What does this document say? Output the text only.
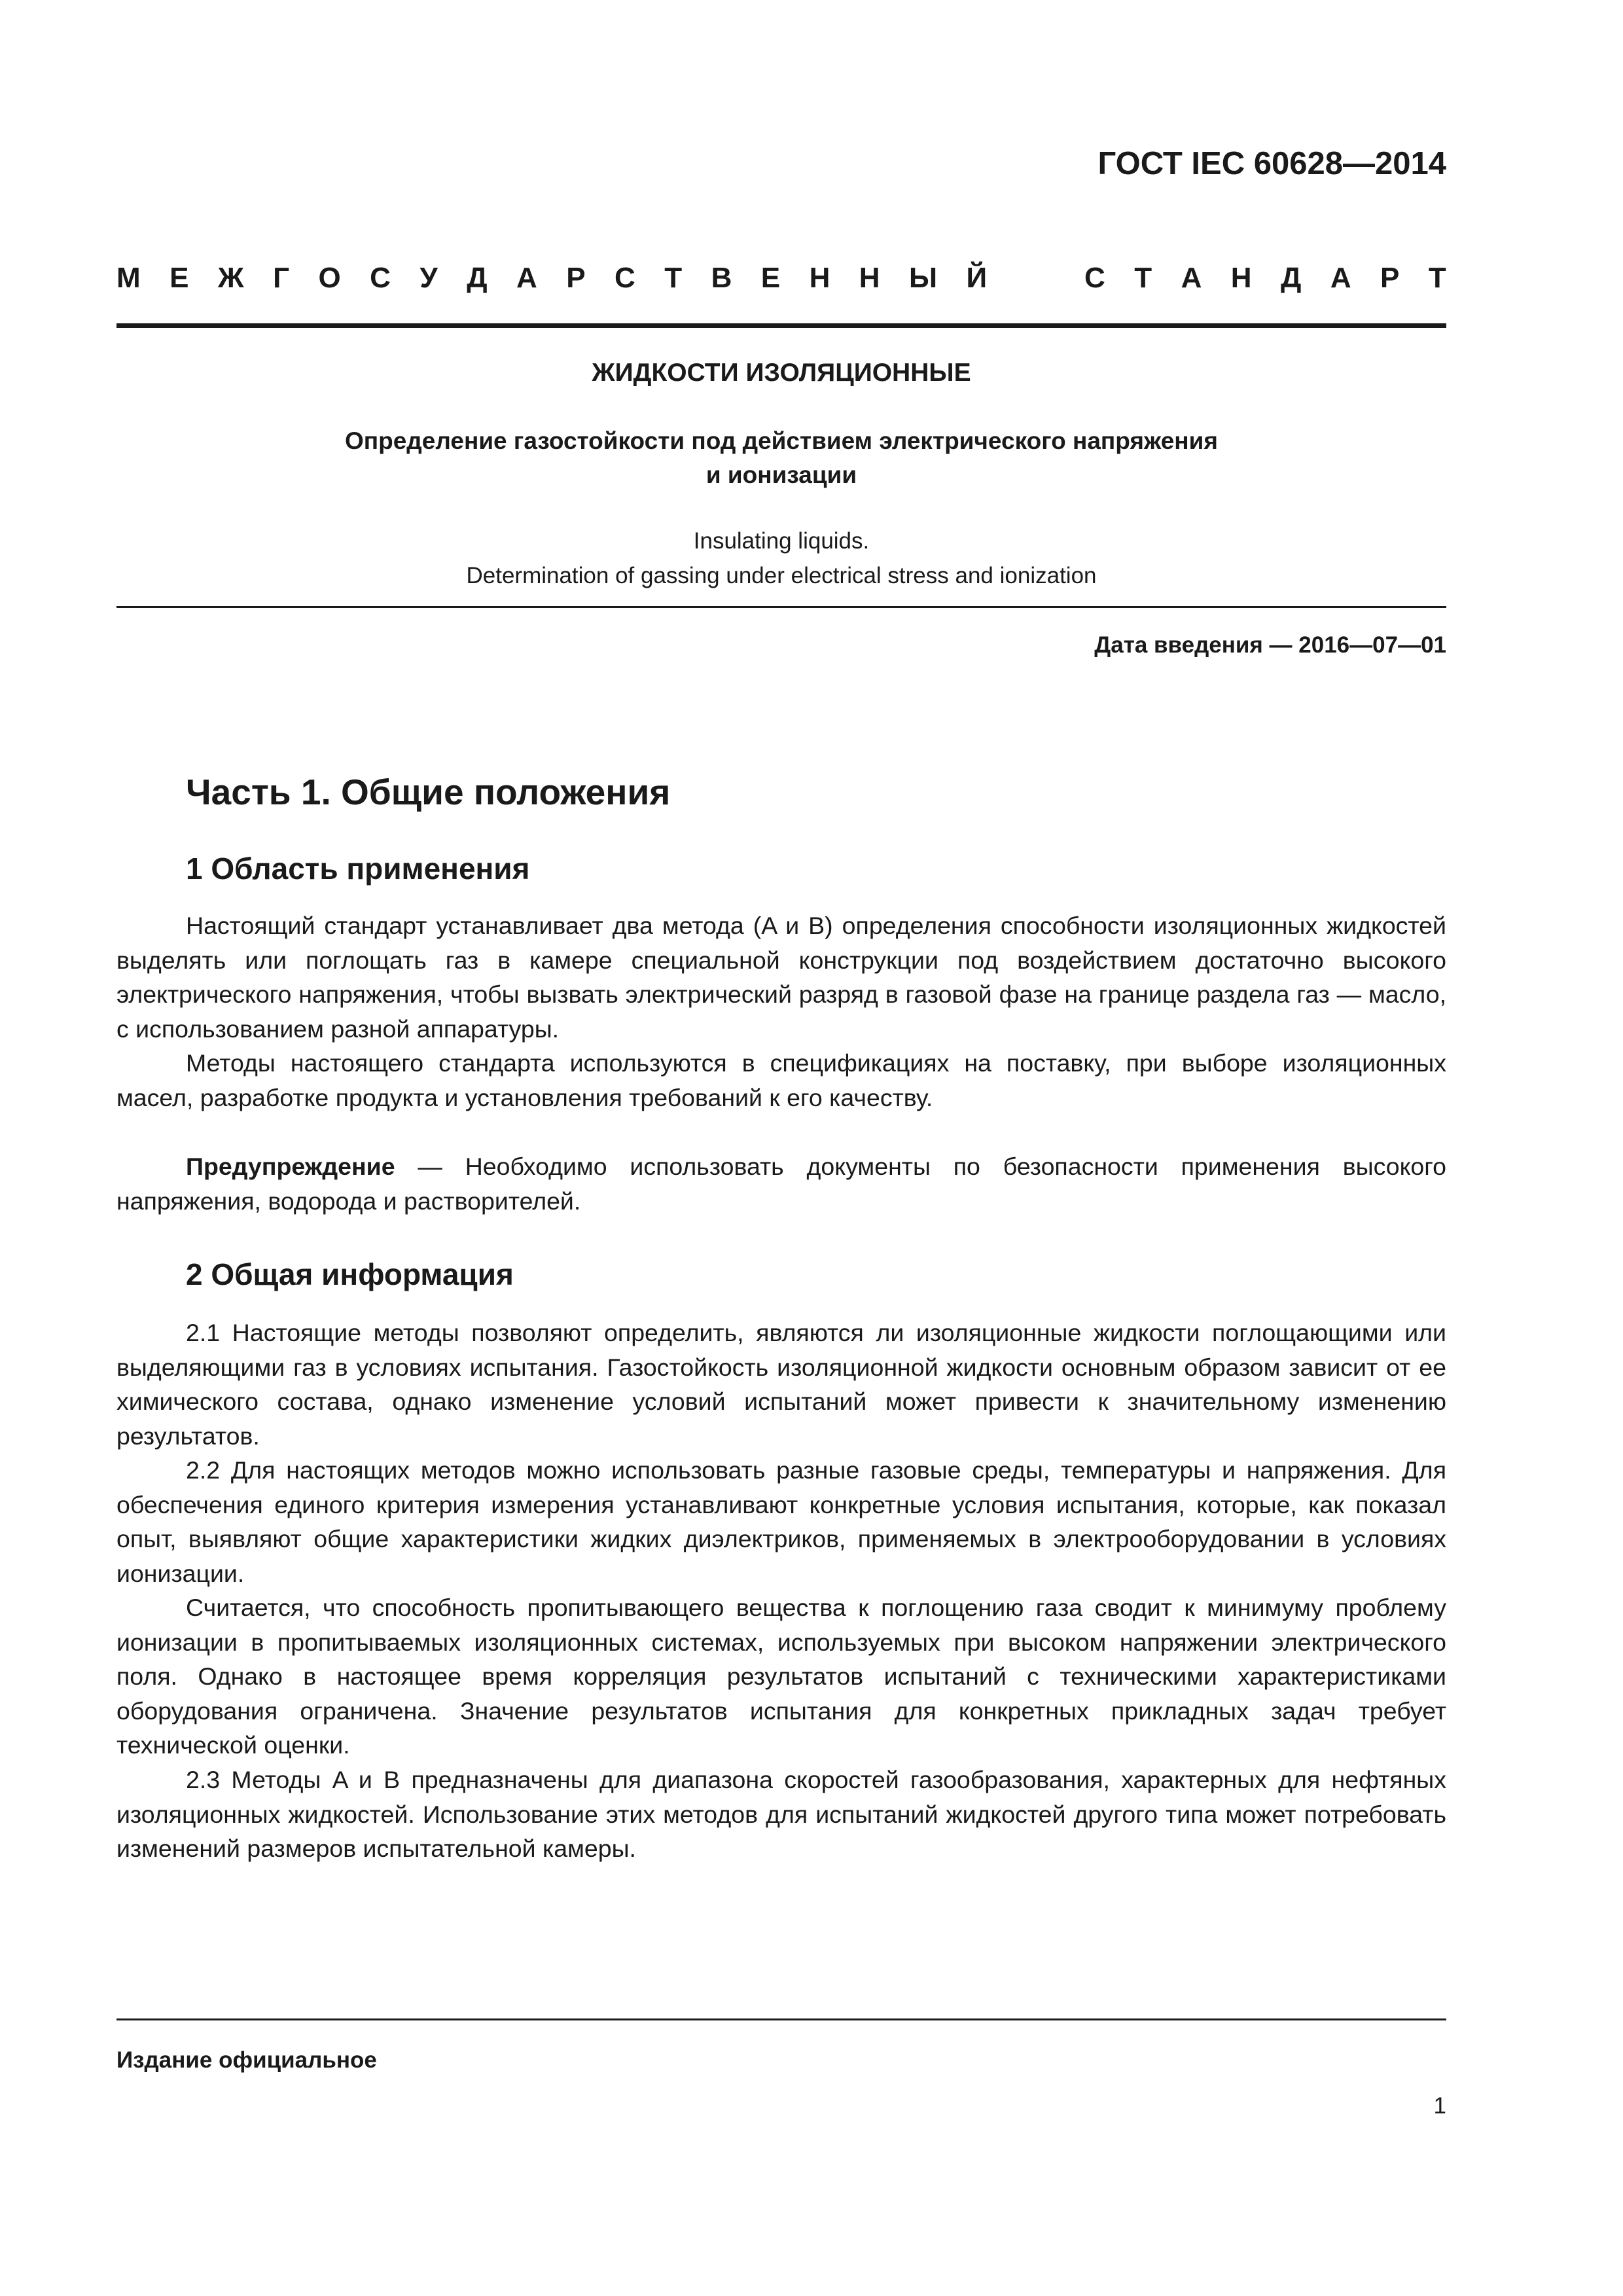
ГОСТ IEC 60628—2014
М Е Ж Г О С У Д А Р С Т В Е Н Н Ы Й	С Т А Н Д А Р Т
ЖИДКОСТИ ИЗОЛЯЦИОННЫЕ
Определение газостойкости под действием электрического напряжения
и ионизации
Insulating liquids.
Determination of gassing under electrical stress and ionization
Дата введения — 2016—07—01
Часть 1. Общие положения
1 Область применения

Настоящий стандарт устанавливает два метода (A и B) определения способности изоляционных жидкостей выделять или поглощать газ в камере специальной конструкции под воздействием достаточно высокого электрического напряжения, чтобы вызвать электрический разряд в газовой фазе на границе раздела газ — масло, с использованием разной аппаратуры.

Методы настоящего стандарта используются в спецификациях на поставку, при выборе изоляционных масел, разработке продукта и установления требований к его качеству.

Предупреждение — Необходимо использовать документы по безопасности применения высокого напряжения, водорода и растворителей.

2 Общая информация

2.1 Настоящие методы позволяют определить, являются ли изоляционные жидкости поглощающими или выделяющими газ в условиях испытания. Газостойкость изоляционной жидкости основным образом зависит от ее химического состава, однако изменение условий испытаний может привести к значительному изменению результатов.

2.2 Для настоящих методов можно использовать разные газовые среды, температуры и напряжения. Для обеспечения единого критерия измерения устанавливают конкретные условия испытания, которые, как показал опыт, выявляют общие характеристики жидких диэлектриков, применяемых в электрооборудовании в условиях ионизации.

Считается, что способность пропитывающего вещества к поглощению газа сводит к минимуму проблему ионизации в пропитываемых изоляционных системах, используемых при высоком напряжении электрического поля. Однако в настоящее время корреляция результатов испытаний с техническими характеристиками оборудования ограничена. Значение результатов испытания для конкретных прикладных задач требует технической оценки.

2.3 Методы A и B предназначены для диапазона скоростей газообразования, характерных для нефтяных изоляционных жидкостей. Использование этих методов для испытаний жидкостей другого типа может потребовать изменений размеров испытательной камеры.

Издание официальное
1
